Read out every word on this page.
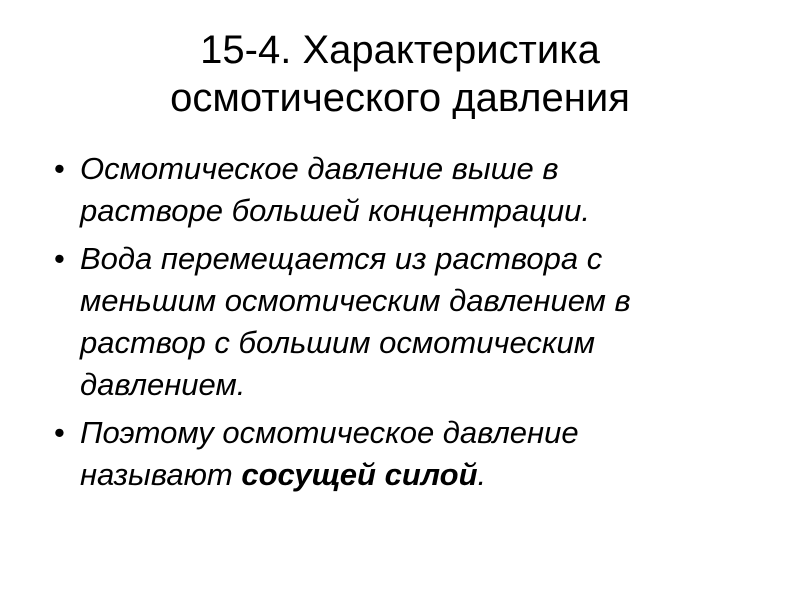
15-4. Характеристика
осмотического давления
• Осмотическое давление выше в
растворе большей концентрации.
• Вода перемещается из раствора с
меньшим осмотическим давлением в
раствор с большим осмотическим
давлением.
• Поэтому осмотическое давление
называют сосущей силой.
